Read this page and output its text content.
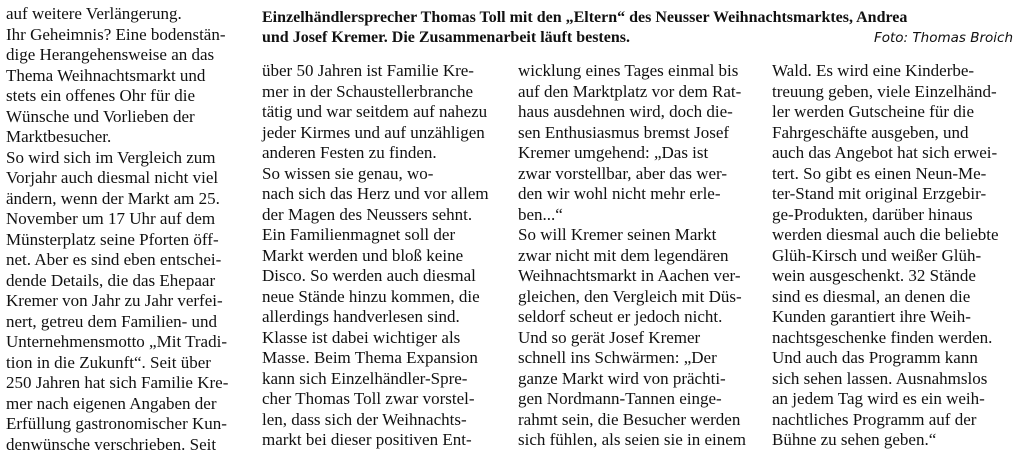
Einzelhändlersprecher Thomas Toll mit den „Eltern“ des Neusser Weihnachtsmarktes, Andrea
und Josef Kremer. Die Zusammenarbeit läuft bestens.	Foto: Thomas Broich
auf weitere Verlängerung.
Ihr Geheimnis? Eine bodenstän-
dige Herangehensweise an das
Thema Weihnachtsmarkt und
stets ein offenes Ohr für die
Wünsche und Vorlieben der
Marktbesucher.
So wird sich im Vergleich zum
Vorjahr auch diesmal nicht viel
ändern, wenn der Markt am 25.
November um 17 Uhr auf dem
Münsterplatz seine Pforten öff-
net. Aber es sind eben entschei-
dende Details, die das Ehepaar
Kremer von Jahr zu Jahr verfei-
nert, getreu dem Familien- und
Unternehmensmotto „Mit Tradi-
tion in die Zukunft“. Seit über
250 Jahren hat sich Familie Kre-
mer nach eigenen Angaben der
Erfüllung gastronomischer Kun-
denwünsche verschrieben. Seit
über 50 Jahren ist Familie Kre-
mer in der Schaustellerbranche
tätig und war seitdem auf nahezu
jeder Kirmes und auf unzähligen
anderen Festen zu finden.
So wissen sie genau, wo-
nach sich das Herz und vor allem
der Magen des Neussers sehnt.
Ein Familienmagnet soll der
Markt werden und bloß keine
Disco. So werden auch diesmal
neue Stände hinzu kommen, die
allerdings handverlesen sind.
Klasse ist dabei wichtiger als
Masse. Beim Thema Expansion
kann sich Einzelhändler-Spre-
cher Thomas Toll zwar vorstel-
len, dass sich der Weihnachts-
markt bei dieser positiven Ent-
wicklung eines Tages einmal bis
auf den Marktplatz vor dem Rat-
haus ausdehnen wird, doch die-
sen Enthusiasmus bremst Josef
Kremer umgehend: „Das ist
zwar vorstellbar, aber das wer-
den wir wohl nicht mehr erle-
ben...“
So will Kremer seinen Markt
zwar nicht mit dem legendären
Weihnachtsmarkt in Aachen ver-
gleichen, den Vergleich mit Düs-
seldorf scheut er jedoch nicht.
Und so gerät Josef Kremer
schnell ins Schwärmen: „Der
ganze Markt wird von prächti-
gen Nordmann-Tannen einge-
rahmt sein, die Besucher werden
sich fühlen, als seien sie in einem
Wald. Es wird eine Kinderbe-
treuung geben, viele Einzelhänd-
ler werden Gutscheine für die
Fahrgeschäfte ausgeben, und
auch das Angebot hat sich erwei-
tert. So gibt es einen Neun-Me-
ter-Stand mit original Erzgebir-
ge-Produkten, darüber hinaus
werden diesmal auch die beliebte
Glüh-Kirsch und weißer Glüh-
wein ausgeschenkt. 32 Stände
sind es diesmal, an denen die
Kunden garantiert ihre Weih-
nachtsgeschenke finden werden.
Und auch das Programm kann
sich sehen lassen. Ausnahmslos
an jedem Tag wird es ein weih-
nachtliches Programm auf der
Bühne zu sehen geben.“
